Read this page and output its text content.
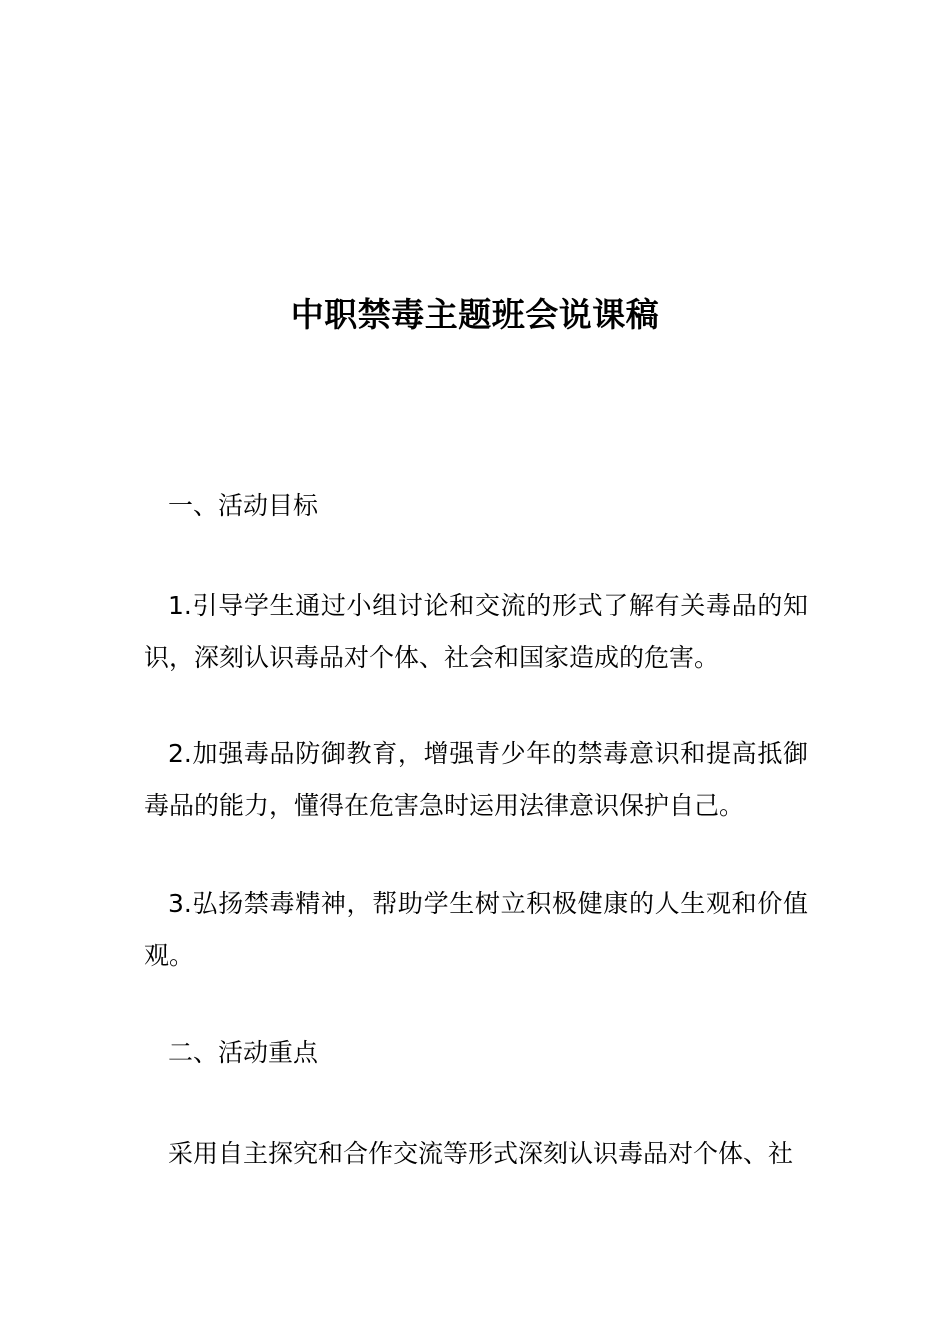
中职禁毒主题班会说课稿

一、活动目标

1.引导学生通过小组讨论和交流的形式了解有关毒品的知识，深刻认识毒品对个体、社会和国家造成的危害。

2.加强毒品防御教育，增强青少年的禁毒意识和提高抵御毒品的能力，懂得在危害急时运用法律意识保护自己。

3.弘扬禁毒精神，帮助学生树立积极健康的人生观和价值观。

二、活动重点

采用自主探究和合作交流等形式深刻认识毒品对个体、社
